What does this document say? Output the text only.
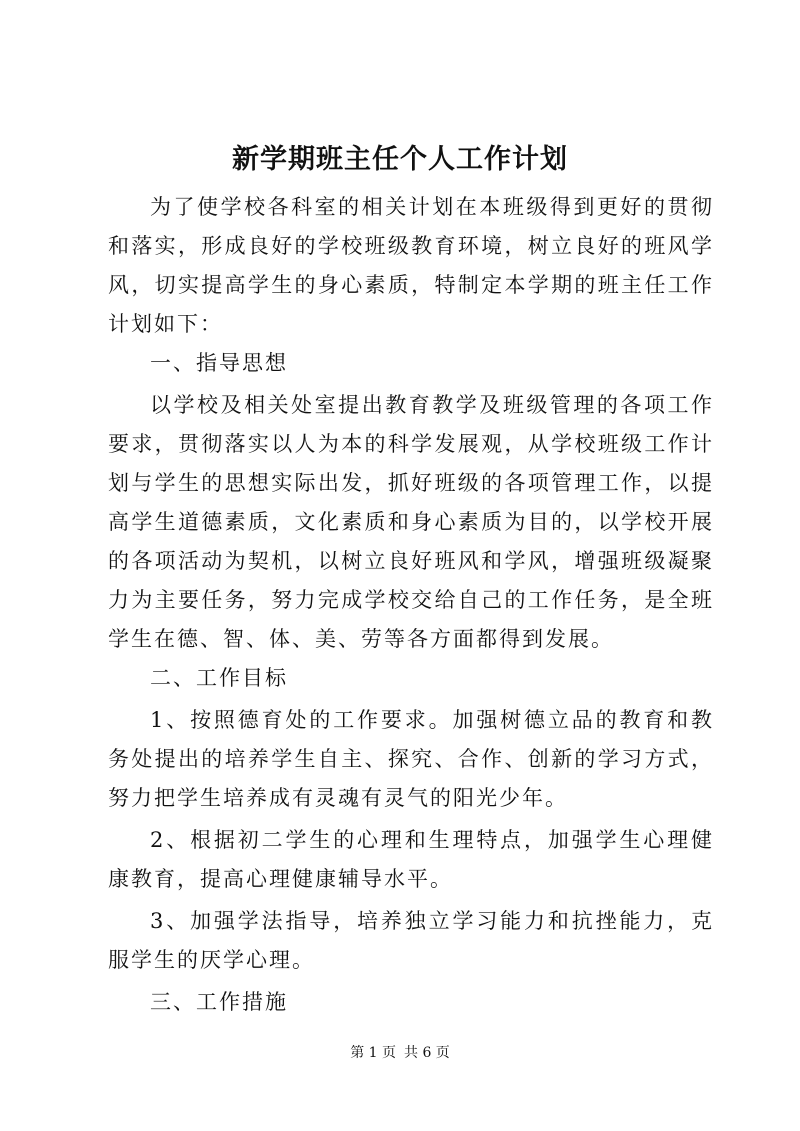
新学期班主任个人工作计划

为了使学校各科室的相关计划在本班级得到更好的贯彻和落实，形成良好的学校班级教育环境，树立良好的班风学风，切实提高学生的身心素质，特制定本学期的班主任工作计划如下：

一、指导思想

以学校及相关处室提出教育教学及班级管理的各项工作要求，贯彻落实以人为本的科学发展观，从学校班级工作计划与学生的思想实际出发，抓好班级的各项管理工作，以提高学生道德素质，文化素质和身心素质为目的，以学校开展的各项活动为契机，以树立良好班风和学风，增强班级凝聚力为主要任务，努力完成学校交给自己的工作任务，是全班学生在德、智、体、美、劳等各方面都得到发展。

二、工作目标

1、按照德育处的工作要求。加强树德立品的教育和教务处提出的培养学生自主、探究、合作、创新的学习方式，努力把学生培养成有灵魂有灵气的阳光少年。

2、根据初二学生的心理和生理特点，加强学生心理健康教育，提高心理健康辅导水平。

3、加强学法指导，培养独立学习能力和抗挫能力，克服学生的厌学心理。

三、工作措施

第 1 页 共 6 页
